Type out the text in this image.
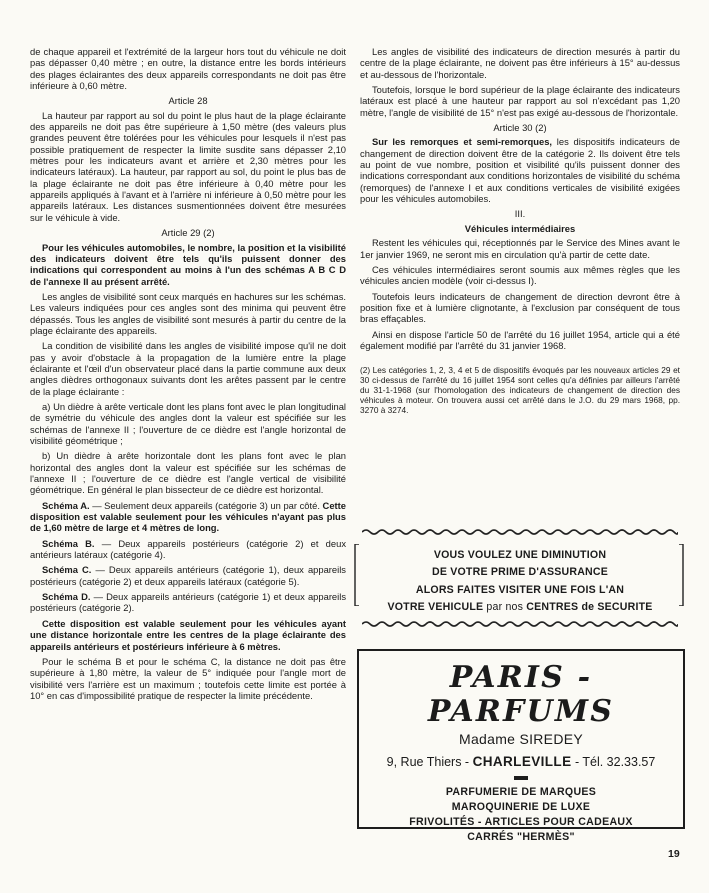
de chaque appareil et l'extrémité de la largeur hors tout du véhicule ne doit pas dépasser 0,40 mètre ; en outre, la distance entre les bords intérieurs des plages éclairantes des deux appareils correspondants ne doit pas être inférieure à 0,60 mètre.

Article 28

La hauteur par rapport au sol du point le plus haut de la plage éclairante des appareils ne doit pas être supérieure à 1,50 mètre (des valeurs plus grandes peuvent être tolérées pour les véhicules pour lesquels il n'est pas possible pratiquement de respecter la limite susdite sans dépasser 2,10 mètres pour les indicateurs avant et arrière et 2,30 mètres pour les indicateurs latéraux). La hauteur, par rapport au sol, du point le plus bas de la plage éclairante ne doit pas être inférieure à 0,40 mètre pour les appareils appliqués à l'avant et à l'arrière ni inférieure à 0,50 mètre pour les appareils latéraux. Les distances susmentionnées doivent être mesurées sur le véhicule à vide.

Article 29 (2)

Pour les véhicules automobiles, le nombre, la position et la visibilité des indicateurs doivent être tels qu'ils puissent donner des indications qui correspondent au moins à l'un des schémas A B C D de l'annexe II au présent arrêté.

Les angles de visibilité sont ceux marqués en hachures sur les schémas. Les valeurs indiquées pour ces angles sont des minima qui peuvent être dépassés. Tous les angles de visibilité sont mesurés à partir du centre de la plage éclairante des appareils.

La condition de visibilité dans les angles de visibilité impose qu'il ne doit pas y avoir d'obstacle à la propagation de la lumière entre la plage éclairante et l'œil d'un observateur placé dans la partie commune aux deux angles dièdres orthogonaux suivants dont les arêtes passent par le centre de la plage éclairante :

a) Un dièdre à arête verticale dont les plans font avec le plan longitudinal de symétrie du véhicule des angles dont la valeur est spécifiée sur les schémas de l'annexe II ; l'ouverture de ce dièdre est l'angle horizontal de visibilité géométrique ;

b) Un dièdre à arête horizontale dont les plans font avec le plan horizontal des angles dont la valeur est spécifiée sur les schémas de l'annexe II ; l'ouverture de ce dièdre est l'angle vertical de visibilité géométrique. En général le plan bissecteur de ce dièdre est horizontal.

Schéma A. — Seulement deux appareils (catégorie 3) un par côté. Cette disposition est valable seulement pour les véhicules n'ayant pas plus de 1,60 mètre de large et 4 mètres de long.

Schéma B. — Deux appareils postérieurs (catégorie 2) et deux antérieurs latéraux (catégorie 4).

Schéma C. — Deux appareils antérieurs (catégorie 1), deux appareils postérieurs (catégorie 2) et deux appareils latéraux (catégorie 5).

Schéma D. — Deux appareils antérieurs (catégorie 1) et deux appareils postérieurs (catégorie 2).

Cette disposition est valable seulement pour les véhicules ayant une distance horizontale entre les centres de la plage éclairante des appareils antérieurs et postérieurs inférieure à 6 mètres.

Pour le schéma B et pour le schéma C, la distance ne doit pas être supérieure à 1,80 mètre, la valeur de 5° indiquée pour l'angle mort de visibilité vers l'arrière est un maximum ; toutefois cette limite est portée à 10° en cas d'impossibilité pratique de respecter la limite précédente.

Les angles de visibilité des indicateurs de direction mesurés à partir du centre de la plage éclairante, ne doivent pas être inférieurs à 15° au-dessus et au-dessous de l'horizontale.

Toutefois, lorsque le bord supérieur de la plage éclairante des indicateurs latéraux est placé à une hauteur par rapport au sol n'excédant pas 1,20 mètre, l'angle de visibilité de 15° n'est pas exigé au-dessous de l'horizontale.

Article 30 (2)

Sur les remorques et semi-remorques, les dispositifs indicateurs de changement de direction doivent être de la catégorie 2. Ils doivent être tels au point de vue nombre, position et visibilité qu'ils puissent donner des indications correspondant aux conditions horizontales de visibilité du schéma (remorques) de l'annexe I et aux conditions verticales de visibilité exigées pour les véhicules automobiles.

III.

Véhicules intermédiaires

Restent les véhicules qui, réceptionnés par le Service des Mines avant le 1er janvier 1969, ne seront mis en circulation qu'à partir de cette date.

Ces véhicules intermédiaires seront soumis aux mêmes règles que les véhicules ancien modèle (voir ci-dessus I).

Toutefois leurs indicateurs de changement de direction devront être à position fixe et à lumière clignotante, à l'exclusion par conséquent de tous bras effaçables.

Ainsi en dispose l'article 50 de l'arrêté du 16 juillet 1954, article qui a été également modifié par l'arrêté du 31 janvier 1968.

(2) Les catégories 1, 2, 3, 4 et 5 de dispositifs évoqués par les nouveaux articles 29 et 30 ci-dessus de l'arrêté du 16 juillet 1954 sont celles qu'a définies par ailleurs l'arrêté du 31-1-1968 (sur l'homologation des indicateurs de changement de direction des véhicules à moteur. On trouvera aussi cet arrêté dans le J.O. du 29 mars 1968, pp. 3270 à 3274.

VOUS VOULEZ UNE DIMINUTION
DE VOTRE PRIME D'ASSURANCE
ALORS FAITES VISITER UNE FOIS L'AN
VOTRE VEHICULE par nos CENTRES de SECURITE
PARIS - PARFUMS
Madame SIREDEY
9, Rue Thiers - CHARLEVILLE - Tél. 32.33.57
PARFUMERIE DE MARQUES
MAROQUINERIE DE LUXE
FRIVOLITÉS - ARTICLES POUR CADEAUX
CARRÉS "HERMÈS"
19
